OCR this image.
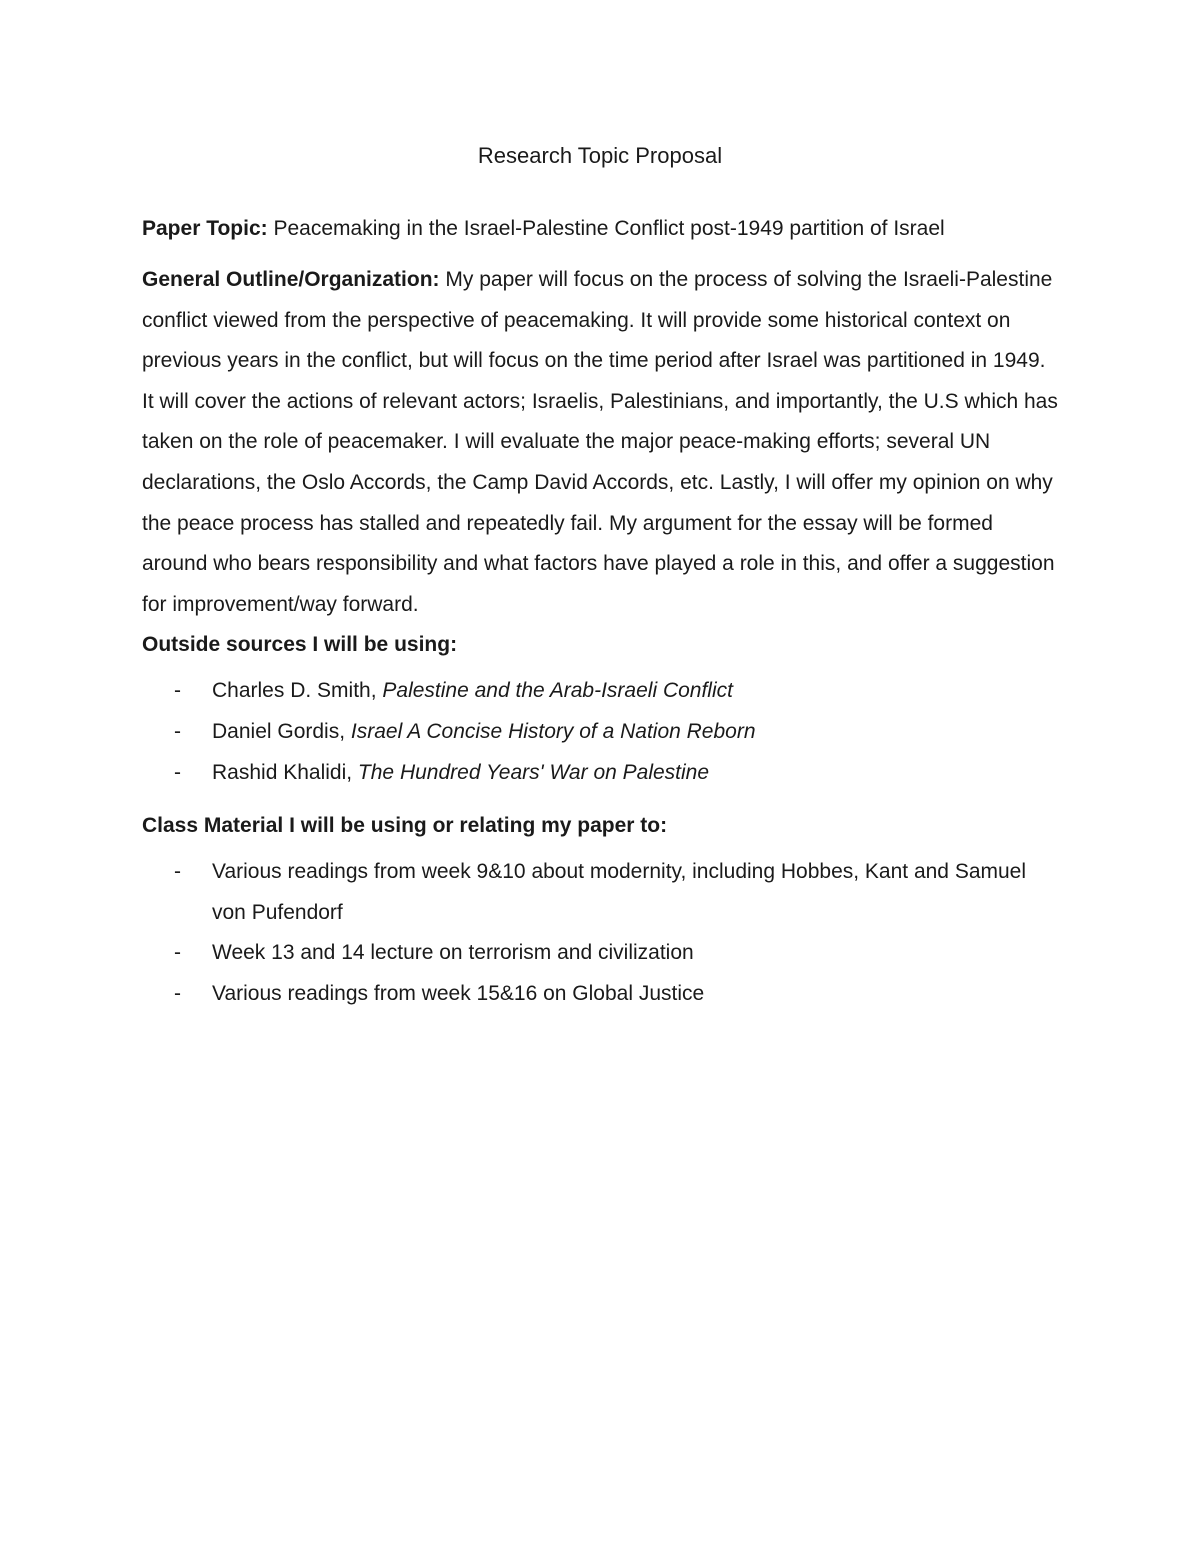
Research Topic Proposal

Paper Topic: Peacemaking in the Israel-Palestine Conflict post-1949 partition of Israel

General Outline/Organization: My paper will focus on the process of solving the Israeli-Palestine conflict viewed from the perspective of peacemaking. It will provide some historical context on previous years in the conflict, but will focus on the time period after Israel was partitioned in 1949. It will cover the actions of relevant actors; Israelis, Palestinians, and importantly, the U.S which has taken on the role of peacemaker. I will evaluate the major peace-making efforts; several UN declarations, the Oslo Accords, the Camp David Accords, etc. Lastly, I will offer my opinion on why the peace process has stalled and repeatedly fail. My argument for the essay will be formed around who bears responsibility and what factors have played a role in this, and offer a suggestion for improvement/way forward.

Outside sources I will be using:
- Charles D. Smith, Palestine and the Arab-Israeli Conflict
- Daniel Gordis, Israel A Concise History of a Nation Reborn
- Rashid Khalidi, The Hundred Years' War on Palestine
Class Material I will be using or relating my paper to:
- Various readings from week 9&10 about modernity, including Hobbes, Kant and Samuel von Pufendorf
- Week 13 and 14 lecture on terrorism and civilization
- Various readings from week 15&16 on Global Justice
